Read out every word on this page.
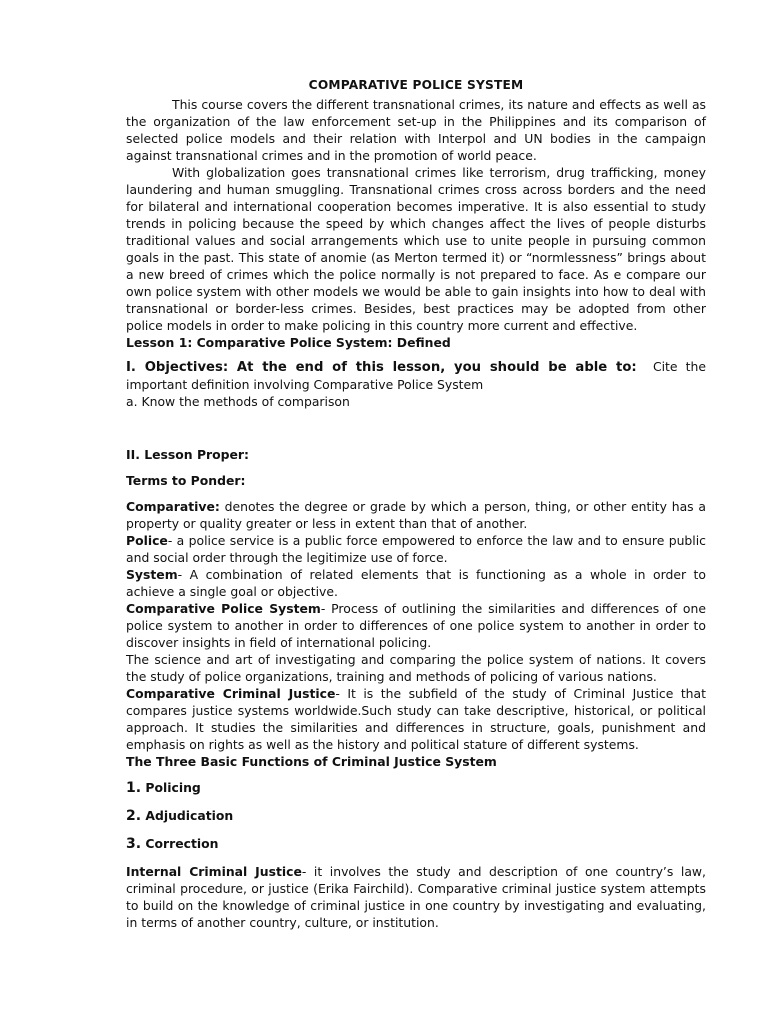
COMPARATIVE POLICE SYSTEM

This course covers the different transnational crimes, its nature and effects as well as the organization of the law enforcement set-up in the Philippines and its comparison of selected police models and their relation with Interpol and UN bodies in the campaign against transnational crimes and in the promotion of world peace.

With globalization goes transnational crimes like terrorism, drug trafficking, money laundering and human smuggling. Transnational crimes cross across borders and the need for bilateral and international cooperation becomes imperative. It is also essential to study trends in policing because the speed by which changes affect the lives of people disturbs traditional values and social arrangements which use to unite people in pursuing common goals in the past. This state of anomie (as Merton termed it) or “normlessness” brings about a new breed of crimes which the police normally is not prepared to face. As e compare our own police system with other models we would be able to gain insights into how to deal with transnational or border-less crimes. Besides, best practices may be adopted from other police models in order to make policing in this country more current and effective.

Lesson 1: Comparative Police System: Defined

I. Objectives: At the end of this lesson, you should be able to: Cite the important definition involving Comparative Police System

a. Know the methods of comparison

II. Lesson Proper:
Terms to Ponder:

Comparative: denotes the degree or grade by which a person, thing, or other entity has a property or quality greater or less in extent than that of another.

Police- a police service is a public force empowered to enforce the law and to ensure public and social order through the legitimize use of force.

System- A combination of related elements that is functioning as a whole in order to achieve a single goal or objective.

Comparative Police System- Process of outlining the similarities and differences of one police system to another in order to differences of one police system to another in order to discover insights in field of international policing.

The science and art of investigating and comparing the police system of nations. It covers the study of police organizations, training and methods of policing of various nations.

Comparative Criminal Justice- It is the subfield of the study of Criminal Justice that compares justice systems worldwide.Such study can take descriptive, historical, or political approach. It studies the similarities and differences in structure, goals, punishment and emphasis on rights as well as the history and political stature of different systems.

The Three Basic Functions of Criminal Justice System
1. Policing
2. Adjudication
3. Correction

Internal Criminal Justice- it involves the study and description of one country’s law, criminal procedure, or justice (Erika Fairchild). Comparative criminal justice system attempts to build on the knowledge of criminal justice in one country by investigating and evaluating, in terms of another country, culture, or institution.
